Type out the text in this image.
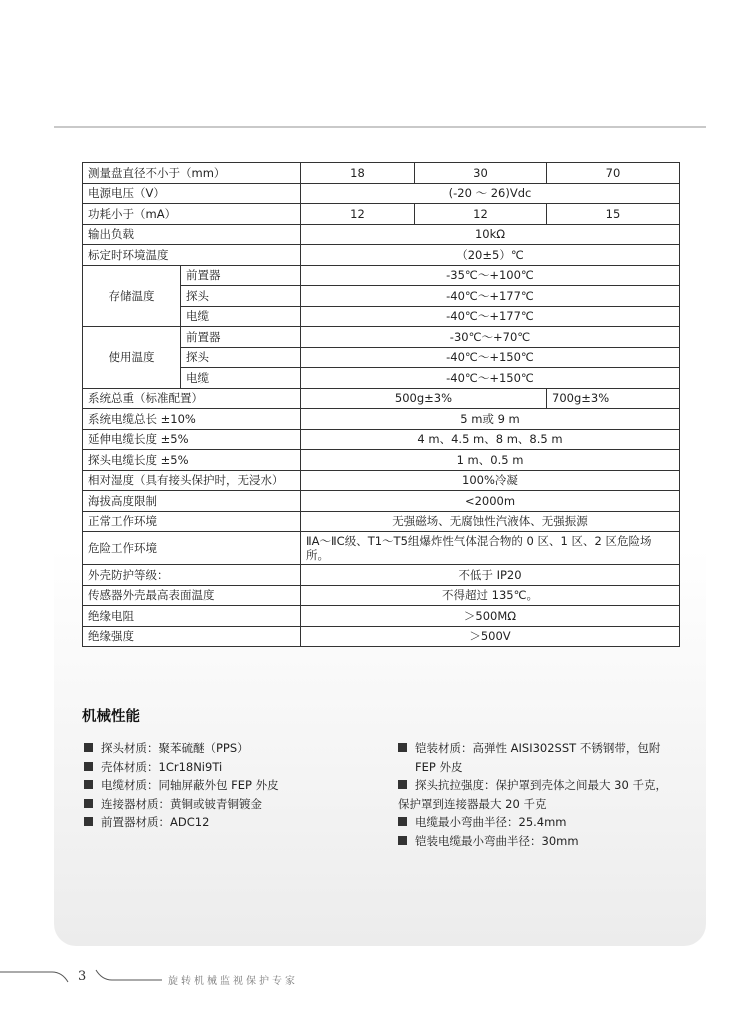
测量盘直径不小于（mm）		18	30	70
电源电压（V）		(-20 ～ 26)Vdc		
功耗小于（mA）		12	12	15
输出负载		10kΩ		
标定时环境温度		（20±5）℃		
存储温度	前置器	-35℃～+100℃		
	探头	-40℃～+177℃		
	电缆	-40℃～+177℃		
使用温度	前置器	-30℃～+70℃		
	探头	-40℃～+150℃		
	电缆	-40℃～+150℃		
系统总重（标准配置）		500g±3%		700g±3%
系统电缆总长 ±10%		5 m或 9 m		
延伸电缆长度 ±5%		4 m、4.5 m、8 m、8.5 m		
探头电缆长度 ±5%		1 m、0.5 m		
相对湿度（具有接头保护时，无浸水）		100%冷凝		
海拔高度限制		<2000m		
正常工作环境		无强磁场、无腐蚀性汽液体、无强振源		
危险工作环境		ⅡA～ⅡC级、T1～T5组爆炸性气体混合物的 0 区、1 区、2 区危险场所。		
外壳防护等级：		不低于 IP20		
传感器外壳最高表面温度		不得超过 135℃。		
绝缘电阻		＞500MΩ		
绝缘强度		＞500V		
机械性能
探头材质：聚苯硫醚（PPS）
壳体材质：1Cr18Ni9Ti
电缆材质：同轴屏蔽外包 FEP 外皮
连接器材质：黄铜或铍青铜镀金
前置器材质：ADC12
铠装材质：高弹性 AISI302SST 不锈钢带，包附
FEP 外皮
探头抗拉强度：保护罩到壳体之间最大 30 千克，
保护罩到连接器最大 20 千克
电缆最小弯曲半径：25.4mm
铠装电缆最小弯曲半径：30mm
3	旋转机械监视保护专家
